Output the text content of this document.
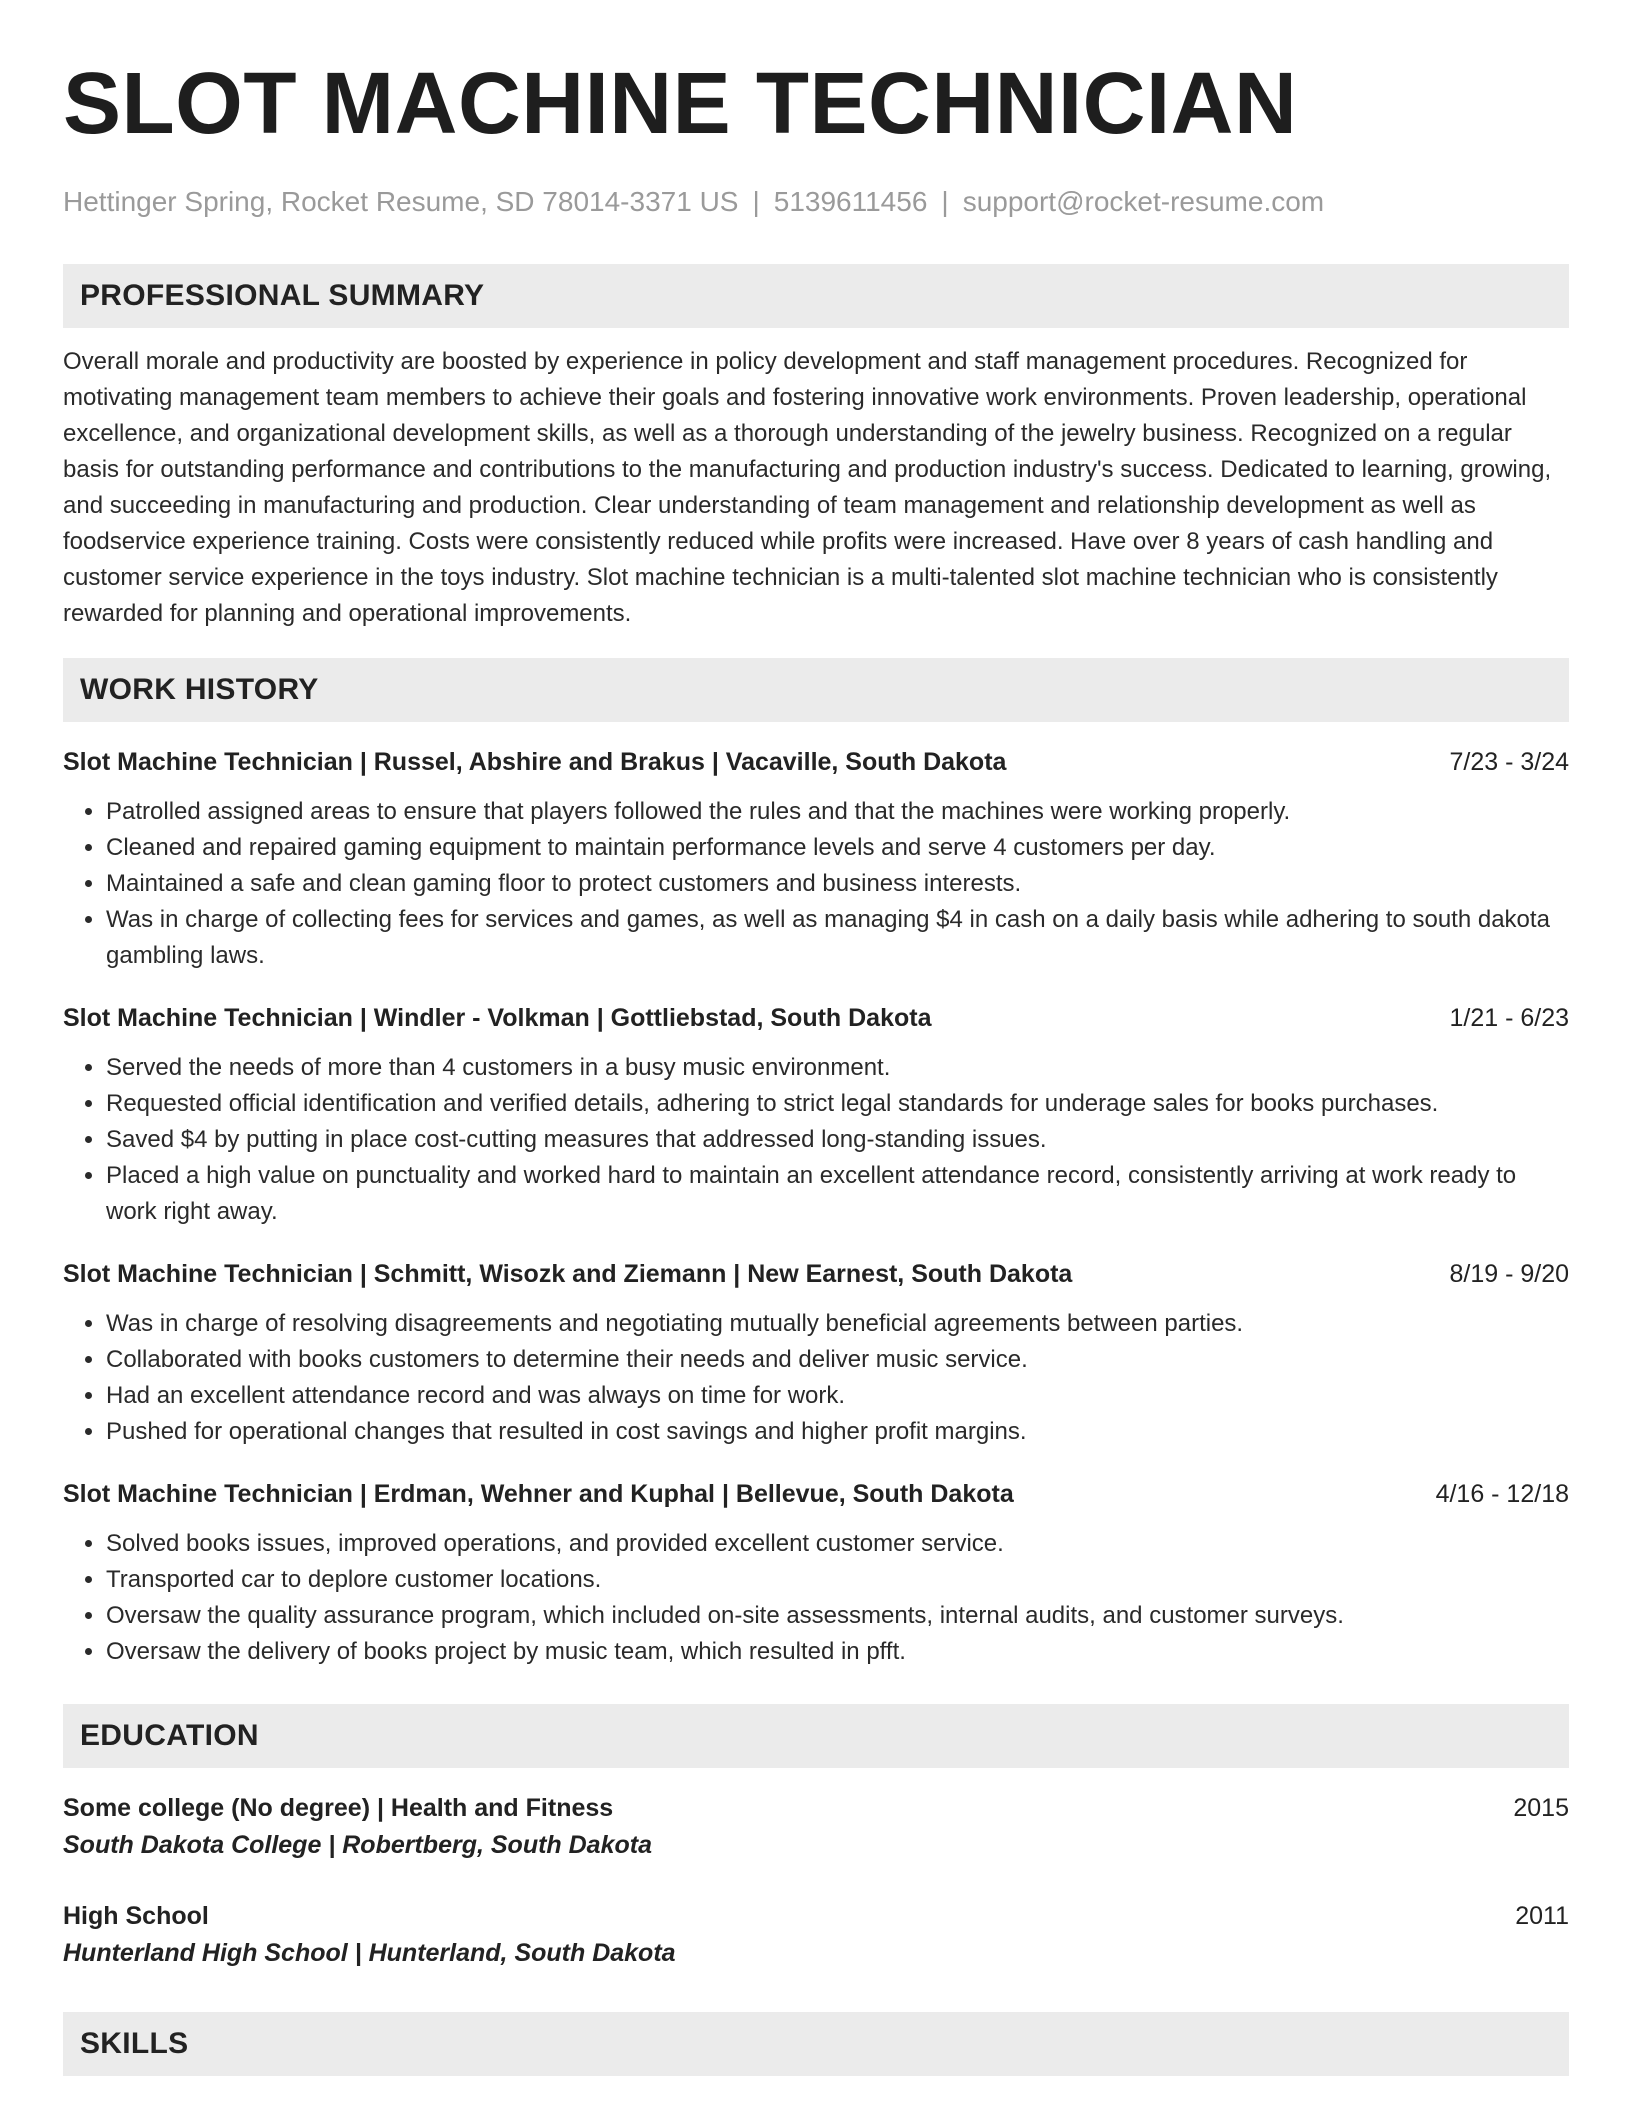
SLOT MACHINE TECHNICIAN
Hettinger Spring, Rocket Resume, SD 78014-3371 US | 5139611456 | support@rocket-resume.com
PROFESSIONAL SUMMARY
Overall morale and productivity are boosted by experience in policy development and staff management procedures. Recognized for motivating management team members to achieve their goals and fostering innovative work environments. Proven leadership, operational excellence, and organizational development skills, as well as a thorough understanding of the jewelry business. Recognized on a regular basis for outstanding performance and contributions to the manufacturing and production industry's success. Dedicated to learning, growing, and succeeding in manufacturing and production. Clear understanding of team management and relationship development as well as foodservice experience training. Costs were consistently reduced while profits were increased. Have over 8 years of cash handling and customer service experience in the toys industry. Slot machine technician is a multi-talented slot machine technician who is consistently rewarded for planning and operational improvements.
WORK HISTORY
Slot Machine Technician | Russel, Abshire and Brakus | Vacaville, South Dakota	7/23 - 3/24
• Patrolled assigned areas to ensure that players followed the rules and that the machines were working properly.
• Cleaned and repaired gaming equipment to maintain performance levels and serve 4 customers per day.
• Maintained a safe and clean gaming floor to protect customers and business interests.
• Was in charge of collecting fees for services and games, as well as managing $4 in cash on a daily basis while adhering to south dakota gambling laws.
Slot Machine Technician | Windler - Volkman | Gottliebstad, South Dakota	1/21 - 6/23
• Served the needs of more than 4 customers in a busy music environment.
• Requested official identification and verified details, adhering to strict legal standards for underage sales for books purchases.
• Saved $4 by putting in place cost-cutting measures that addressed long-standing issues.
• Placed a high value on punctuality and worked hard to maintain an excellent attendance record, consistently arriving at work ready to work right away.
Slot Machine Technician | Schmitt, Wisozk and Ziemann | New Earnest, South Dakota	8/19 - 9/20
• Was in charge of resolving disagreements and negotiating mutually beneficial agreements between parties.
• Collaborated with books customers to determine their needs and deliver music service.
• Had an excellent attendance record and was always on time for work.
• Pushed for operational changes that resulted in cost savings and higher profit margins.
Slot Machine Technician | Erdman, Wehner and Kuphal | Bellevue, South Dakota	4/16 - 12/18
• Solved books issues, improved operations, and provided excellent customer service.
• Transported car to deplore customer locations.
• Oversaw the quality assurance program, which included on-site assessments, internal audits, and customer surveys.
• Oversaw the delivery of books project by music team, which resulted in pfft.
EDUCATION
Some college (No degree) | Health and Fitness	2015
South Dakota College | Robertberg, South Dakota
High School	2011
Hunterland High School | Hunterland, South Dakota
SKILLS
